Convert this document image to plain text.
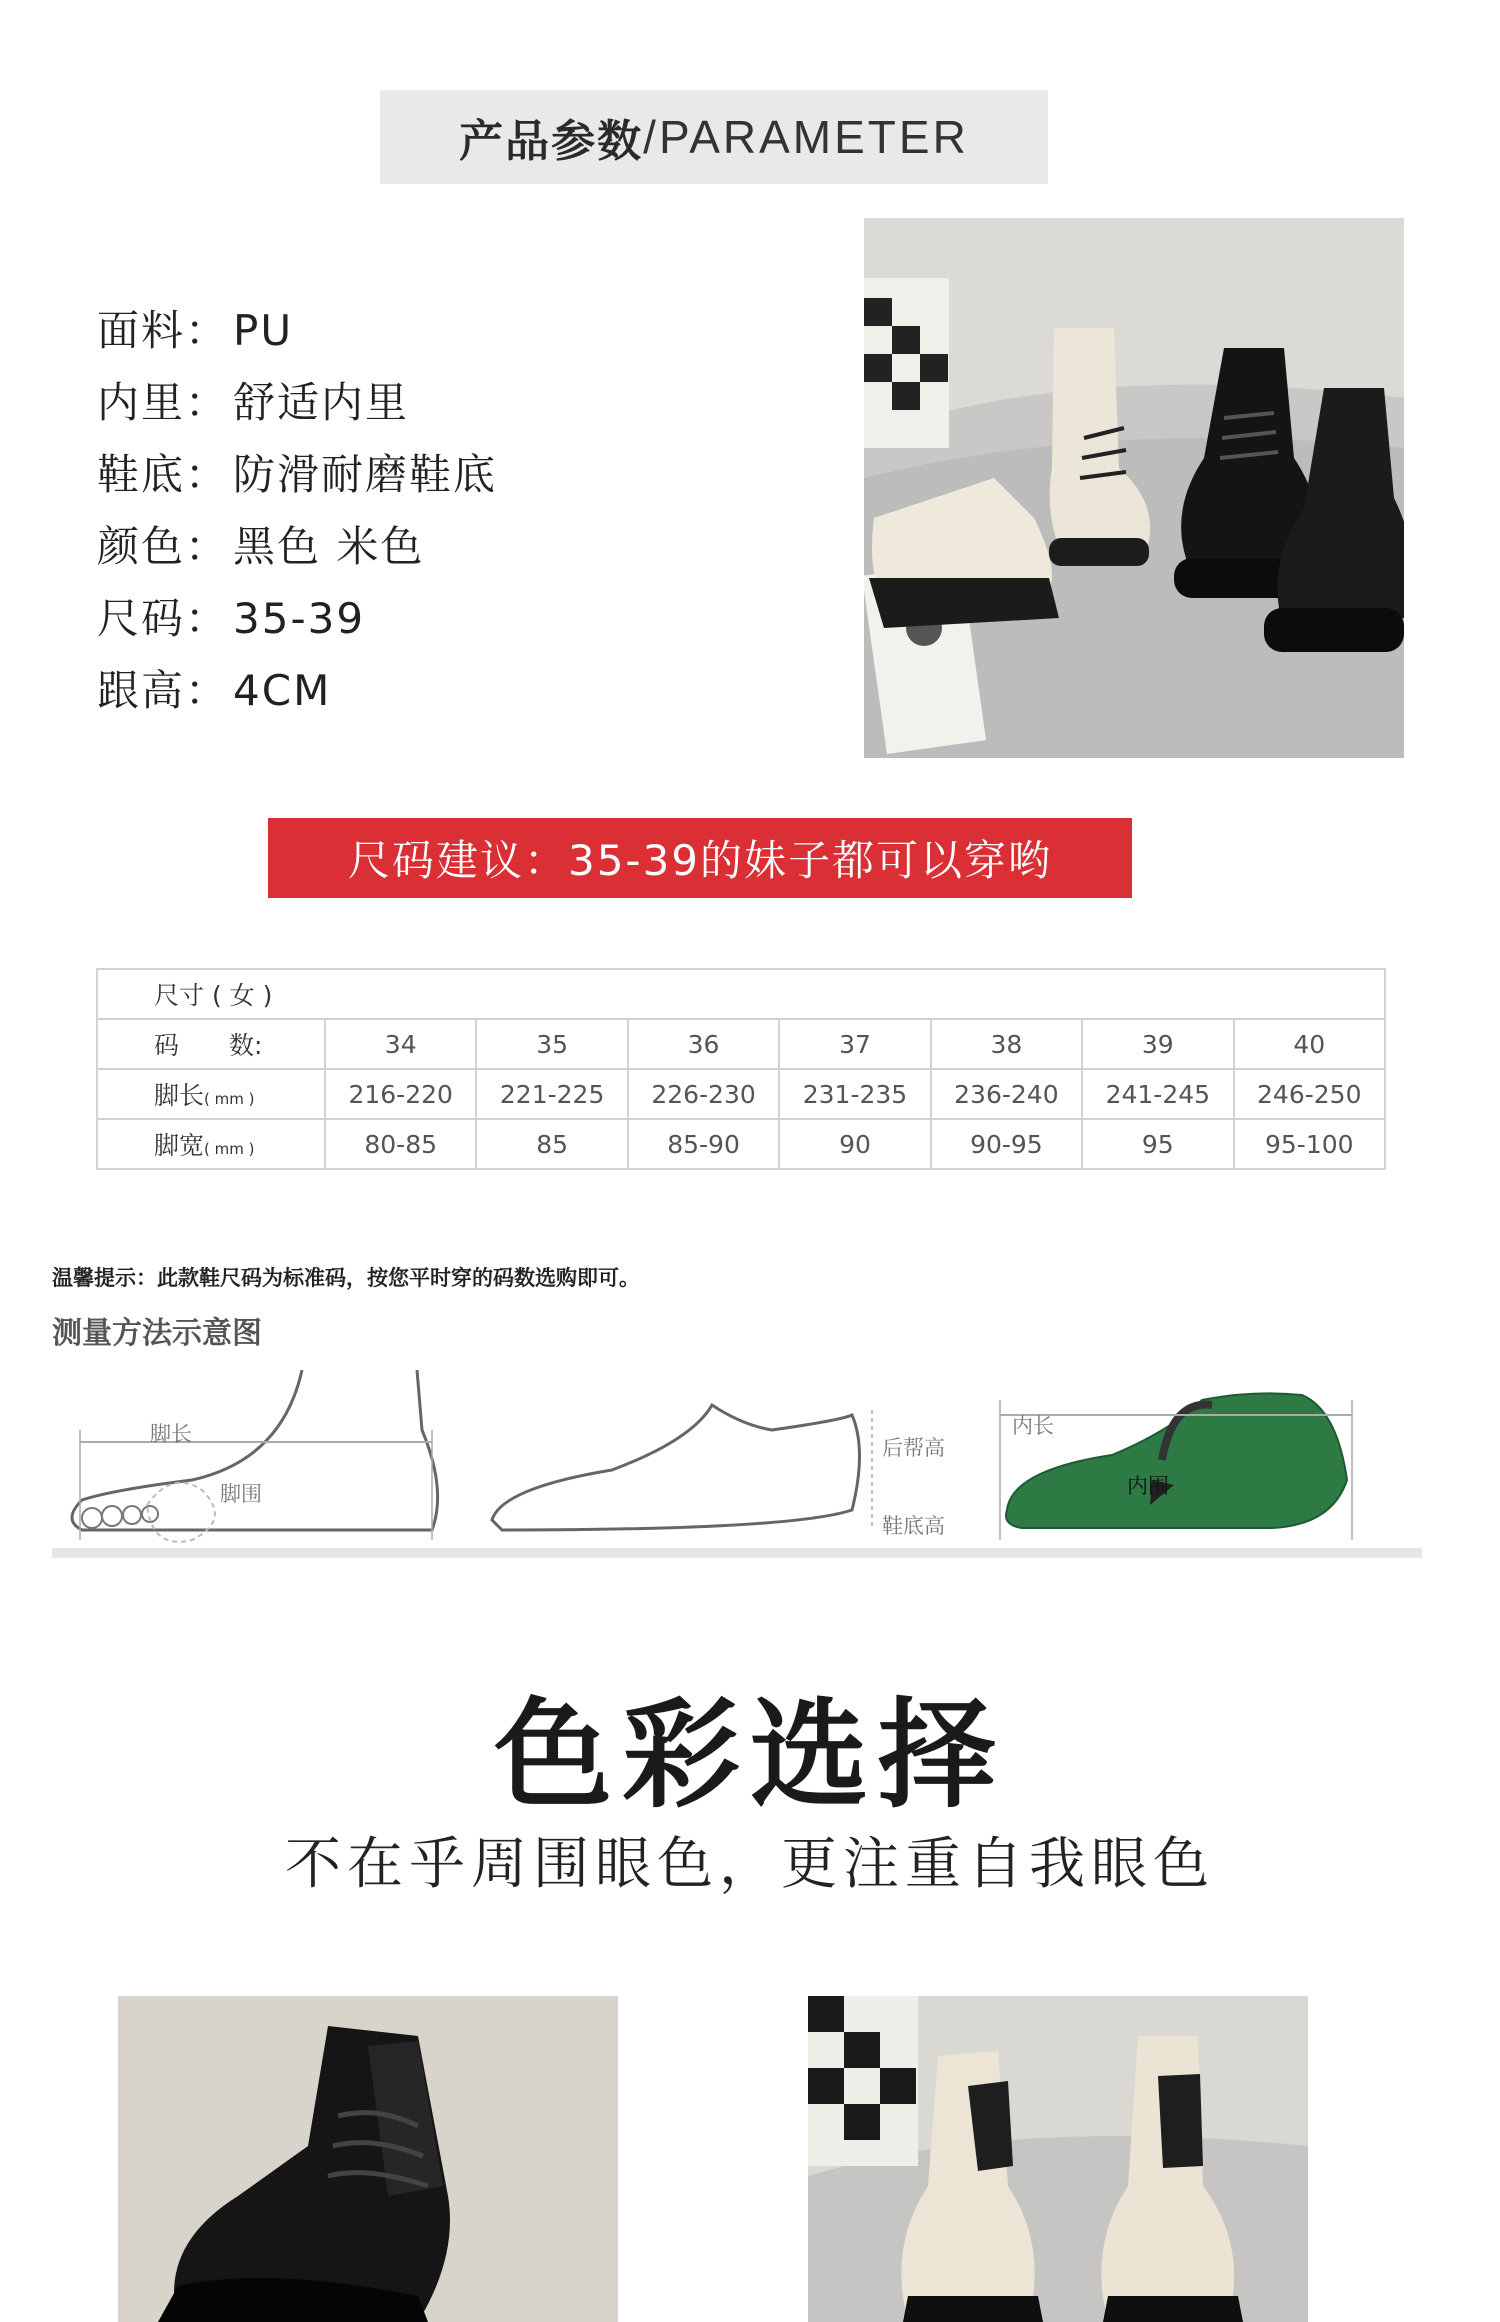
产品参数 /PARAMETER
面料：PU
内里：舒适内里
鞋底：防滑耐磨鞋底
颜色：黑色 米色
尺码：35-39
跟高：4CM
尺码建议：35-39的妹子都可以穿哟
尺寸 ( 女 )							
码　　数:	34	35	36	37	38	39	40
脚长( mm )	216-220	221-225	226-230	231-235	236-240	241-245	246-250
脚宽( mm )	80-85	85	85-90	90	90-95	95	95-100
温馨提示：此款鞋尺码为标准码，按您平时穿的码数选购即可。
测量方法示意图
脚长
脚围
后帮高
鞋底高
内长
内围
色彩选择
不在乎周围眼色，更注重自我眼色
